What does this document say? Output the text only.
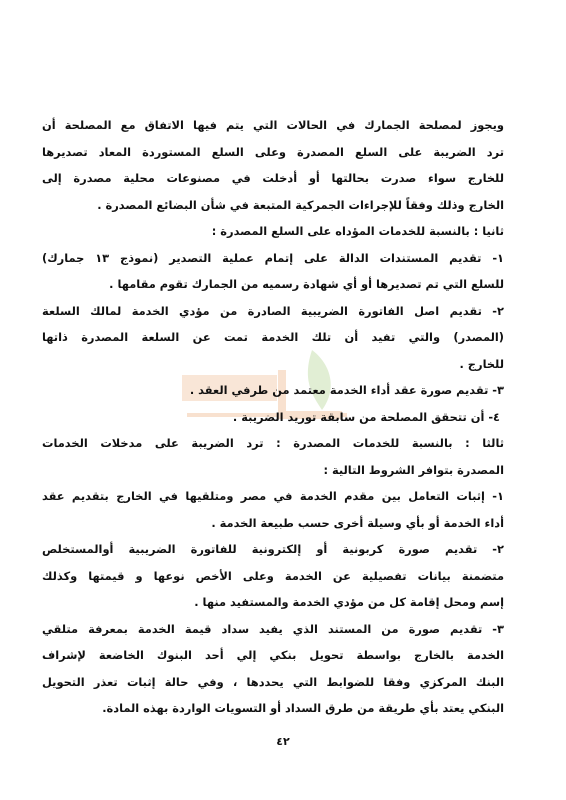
ويجوز لمصلحة الجمارك في الحالات التي يتم فيها الاتفاق مع المصلحة أن
ترد الضريبة على السلع المصدرة وعلى السلع المستوردة المعاد تصديرها
للخارج سواء صدرت بحالتها أو أدخلت في مصنوعات محلية مصدرة إلى
الخارج وذلك وفقاً للإجراءات الجمركية المتبعة في شأن البضائع المصدرة .
ثانيا : بالنسبة للخدمات المؤداه على السلع المصدرة :
١- تقديم المستندات الدالة على إتمام عملية التصدير (نموذج ١٣ جمارك)
للسلع التي تم تصديرها أو أي شهادة رسميه من الجمارك تقوم مقامها .
٢- تقديم اصل الفاتورة الضريبية الصادرة من مؤدي الخدمة لمالك السلعة
(المصدر) والتي تفيد أن تلك الخدمة تمت عن السلعة المصدرة ذاتها
للخارج .
٣- تقديم صورة عقد أداء الخدمة معتمد من طرفي العقد .
٤- أن تتحقق المصلحة من سابقة توريد الضريبة .
ثالثا : بالنسبة للخدمات المصدرة : ترد الضريبة على مدخلات الخدمات
المصدرة بتوافر الشروط التالية :
١- إثبات التعامل بين مقدم الخدمة في مصر ومتلقيها في الخارج بتقديم عقد
أداء الخدمة أو بأي وسيلة أخرى حسب طبيعة الخدمة .
٢- تقديم صورة كربونية أو إلكترونية للفاتورة الضريبية أوالمستخلص
متضمنة بيانات تفصيلية عن الخدمة وعلى الأخص نوعها و قيمتها وكذلك
إسم ومحل إقامة كل من مؤدي الخدمة والمستفيد منها .
٣- تقديم صورة من المستند الذي يفيد سداد قيمة الخدمة بمعرفة متلقي
الخدمة بالخارج بواسطة تحويل بنكي إلي أحد البنوك الخاضعة لإشراف
البنك المركزي وفقا للضوابط التي يحددها ، وفي حالة إثبات تعذر التحويل
البنكي يعتد بأي طريقة من طرق السداد أو التسويات الواردة بهذه المادة.
٤٢
